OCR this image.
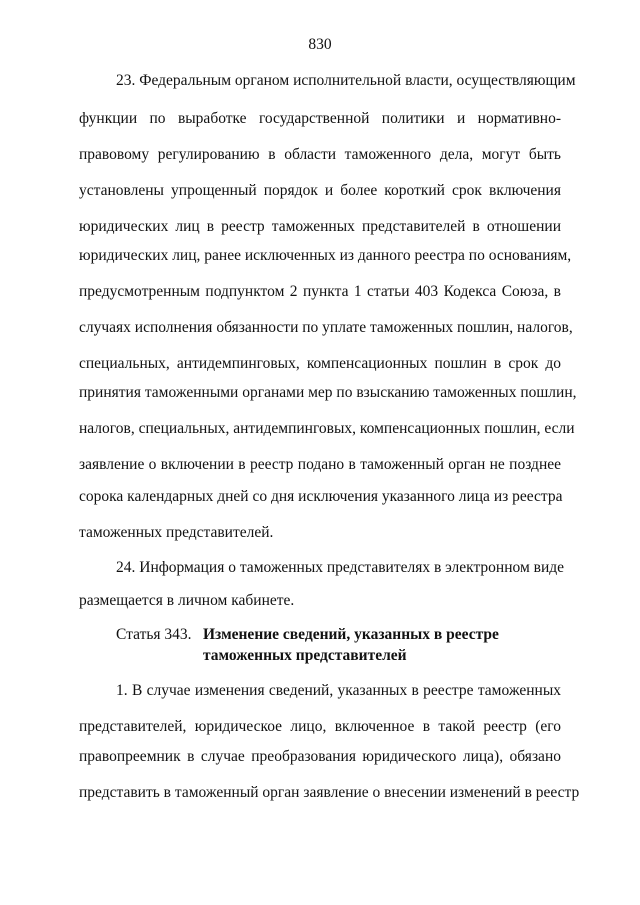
830
23. Федеральным органом исполнительной власти, осуществляющим
функции по выработке государственной политики и нормативно-
правовому регулированию в области таможенного дела, могут быть
установлены упрощенный порядок и более короткий срок включения
юридических лиц в реестр таможенных представителей в отношении
юридических лиц, ранее исключенных из данного реестра по основаниям,
предусмотренным подпунктом 2 пункта 1 статьи 403 Кодекса Союза, в
случаях исполнения обязанности по уплате таможенных пошлин, налогов,
специальных, антидемпинговых, компенсационных пошлин в срок до
принятия таможенными органами мер по взысканию таможенных пошлин,
налогов, специальных, антидемпинговых, компенсационных пошлин, если
заявление о включении в реестр подано в таможенный орган не позднее
сорока календарных дней со дня исключения указанного лица из реестра
таможенных представителей.
24. Информация о таможенных представителях в электронном виде
размещается в личном кабинете.
Статья 343. Изменение сведений, указанных в реестре
таможенных представителей
1. В случае изменения сведений, указанных в реестре таможенных
представителей, юридическое лицо, включенное в такой реестр (его
правопреемник в случае преобразования юридического лица), обязано
представить в таможенный орган заявление о внесении изменений в реестр
